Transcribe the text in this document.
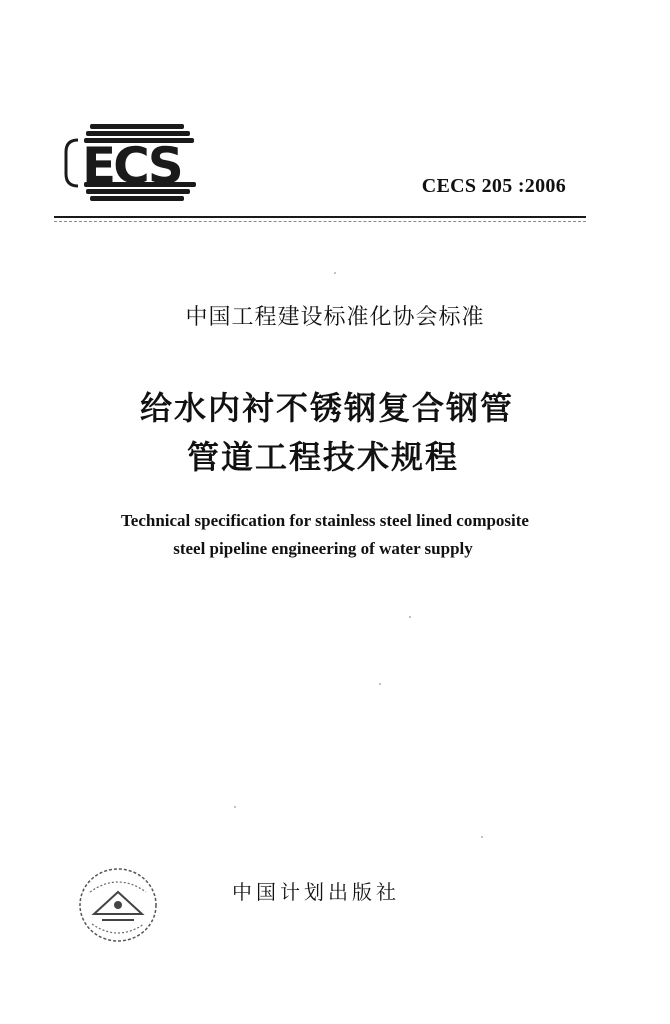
ECS	CECS 205 :2006
中国工程建设标准化协会标准
给水内衬不锈钢复合钢管
管道工程技术规程
Technical specification for stainless steel lined composite
steel pipeline engineering of water supply
中国计划出版社
